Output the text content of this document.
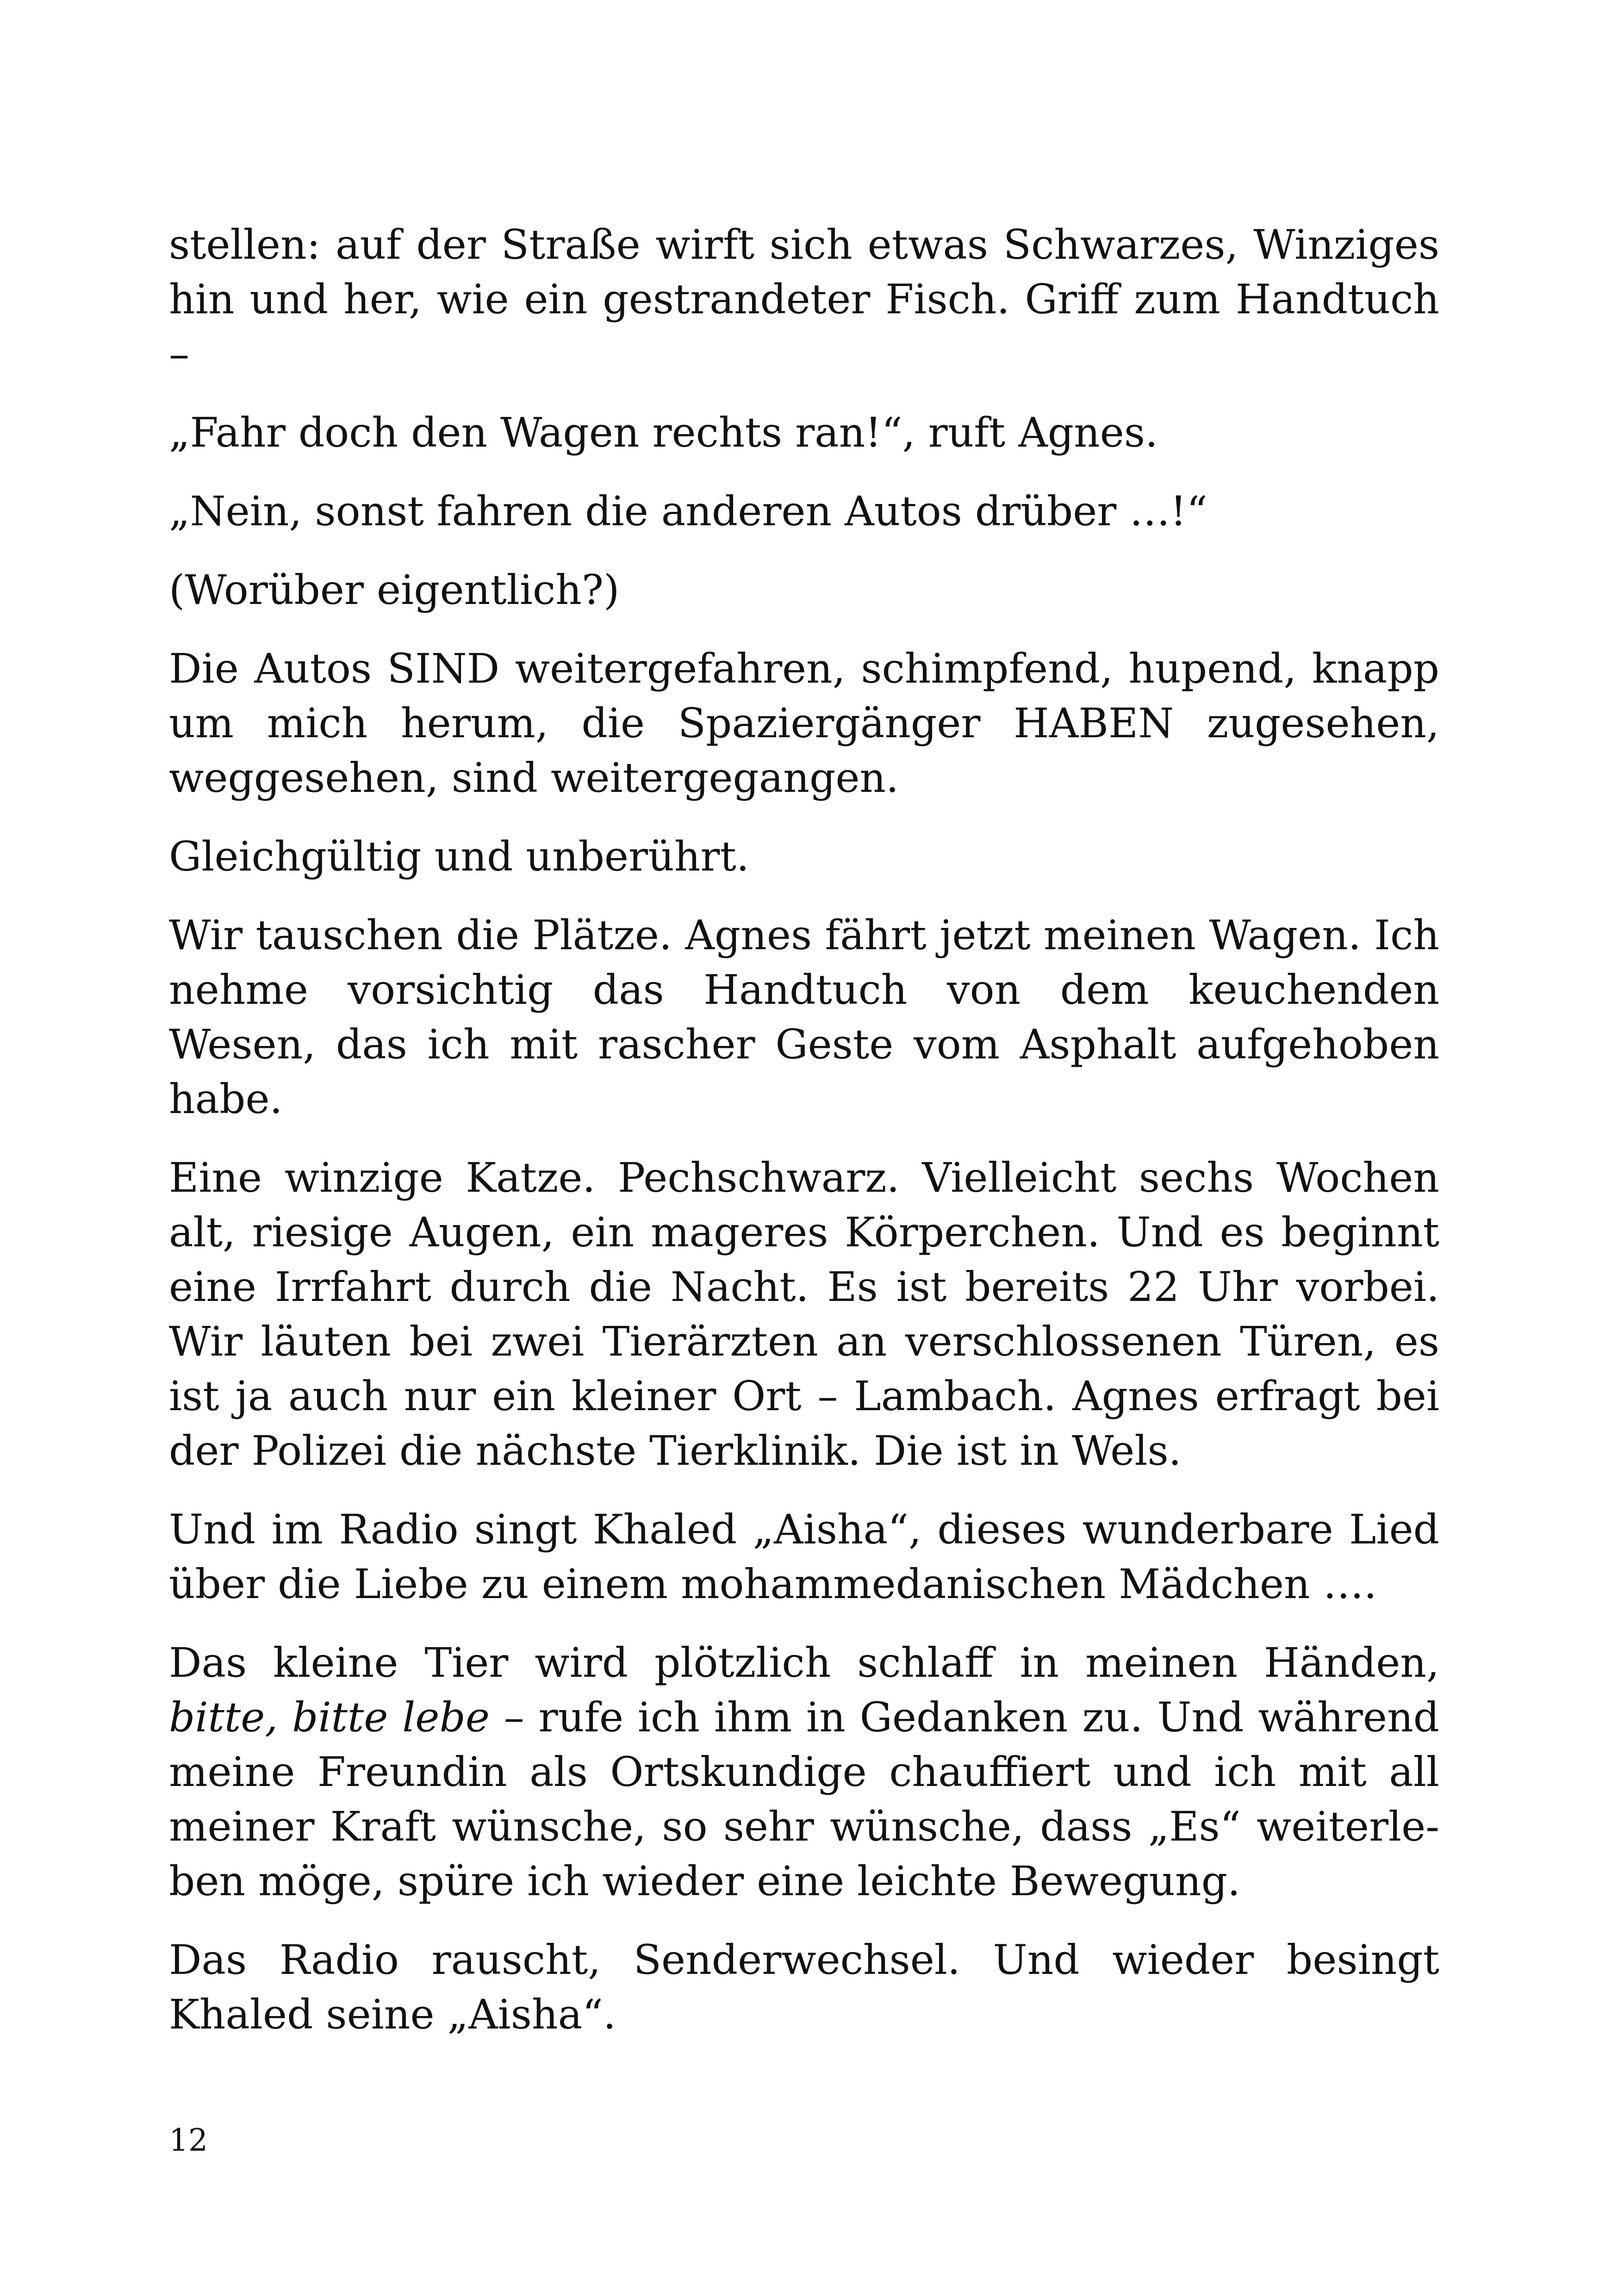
stellen: auf der Straße wirft sich etwas Schwarzes, Winziges hin und her, wie ein gestrandeter Fisch. Griff zum Handtuch –

„Fahr doch den Wagen rechts ran!“, ruft Agnes.

„Nein, sonst fahren die anderen Autos drüber …!“

(Worüber eigentlich?)

Die Autos SIND weitergefahren, schimpfend, hupend, knapp um mich herum, die Spaziergänger HABEN zugesehen, weggesehen, sind weitergegangen.

Gleichgültig und unberührt.

Wir tauschen die Plätze. Agnes fährt jetzt meinen Wagen. Ich nehme vorsichtig das Handtuch von dem keuchenden Wesen, das ich mit rascher Geste vom Asphalt aufgehoben habe.

Eine winzige Katze. Pechschwarz. Vielleicht sechs Wochen alt, riesige Augen, ein mageres Körperchen. Und es beginnt eine Irrfahrt durch die Nacht. Es ist bereits 22 Uhr vorbei. Wir läuten bei zwei Tierärzten an verschlossenen Türen, es ist ja auch nur ein kleiner Ort – Lambach. Agnes erfragt bei der Polizei die nächste Tierklinik. Die ist in Wels.

Und im Radio singt Khaled „Aisha“, dieses wunderbare Lied über die Liebe zu einem mohammedanischen Mädchen ….

Das kleine Tier wird plötzlich schlaff in meinen Händen, bitte, bitte lebe – rufe ich ihm in Gedanken zu. Und während meine Freundin als Ortskundige chauffiert und ich mit all meiner Kraft wünsche, so sehr wünsche, dass „Es“ weiterleben möge, spüre ich wieder eine leichte Bewegung.

Das Radio rauscht, Senderwechsel. Und wieder besingt Khaled seine „Aisha“.

12
